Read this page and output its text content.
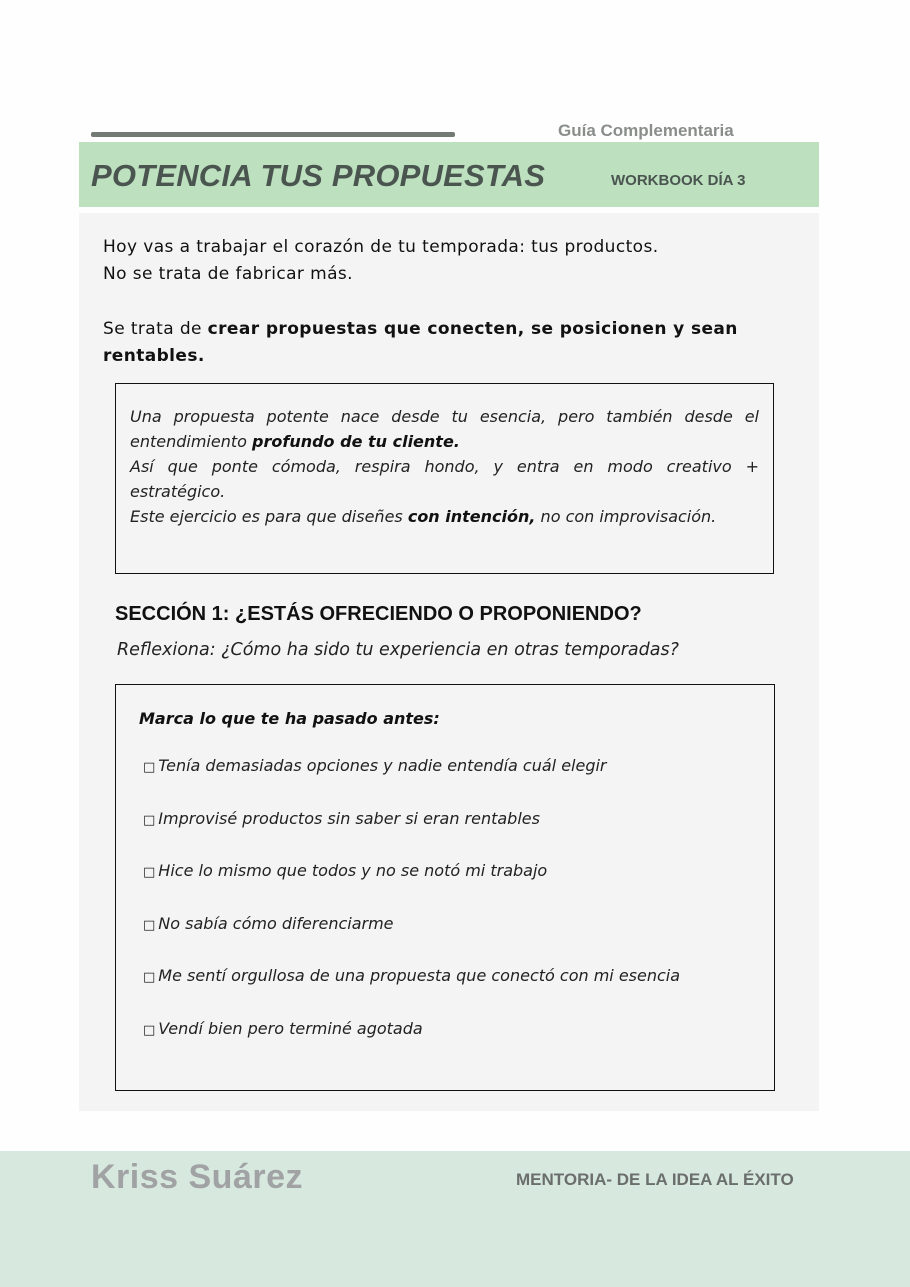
Guía Complementaria
POTENCIA TUS PROPUESTAS	WORKBOOK DÍA 3

Hoy vas a trabajar el corazón de tu temporada: tus productos.

No se trata de fabricar más.

Se trata de crear propuestas que conecten, se posicionen y sean rentables.

Una propuesta potente nace desde tu esencia, pero también desde el entendimiento profundo de tu cliente.

Así que ponte cómoda, respira hondo, y entra en modo creativo + estratégico.

Este ejercicio es para que diseñes con intención, no con improvisación.

SECCIÓN 1: ¿ESTÁS OFRECIENDO O PROPONIENDO?
Reflexiona: ¿Cómo ha sido tu experiencia en otras temporadas?
Marca lo que te ha pasado antes:
□ Tenía demasiadas opciones y nadie entendía cuál elegir
□ Improvisé productos sin saber si eran rentables
□ Hice lo mismo que todos y no se notó mi trabajo
□ No sabía cómo diferenciarme
□ Me sentí orgullosa de una propuesta que conectó con mi esencia
□ Vendí bien pero terminé agotada
Kriss Suárez	MENTORIA- DE LA IDEA AL ÉXITO
